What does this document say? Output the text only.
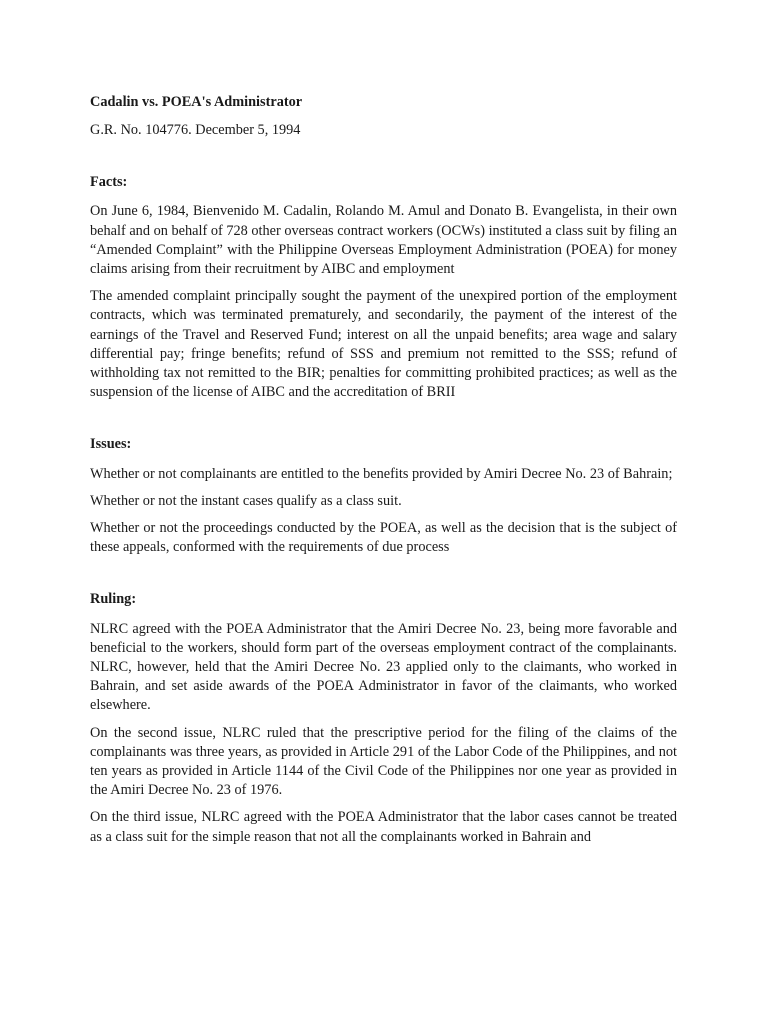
Cadalin vs. POEA's Administrator

G.R. No. 104776. December 5, 1994

Facts:

On June 6, 1984, Bienvenido M. Cadalin, Rolando M. Amul and Donato B. Evangelista, in their own behalf and on behalf of 728 other overseas contract workers (OCWs) instituted a class suit by filing an “Amended Complaint” with the Philippine Overseas Employment Administration (POEA) for money claims arising from their recruitment by AIBC and employment

The amended complaint principally sought the payment of the unexpired portion of the employment contracts, which was terminated prematurely, and secondarily, the payment of the interest of the earnings of the Travel and Reserved Fund; interest on all the unpaid benefits; area wage and salary differential pay; fringe benefits; refund of SSS and premium not remitted to the SSS; refund of withholding tax not remitted to the BIR; penalties for committing prohibited practices; as well as the suspension of the license of AIBC and the accreditation of BRII

Issues:

Whether or not complainants are entitled to the benefits provided by Amiri Decree No. 23 of Bahrain;

Whether or not the instant cases qualify as a class suit.

Whether or not the proceedings conducted by the POEA, as well as the decision that is the subject of these appeals, conformed with the requirements of due process

Ruling:

NLRC agreed with the POEA Administrator that the Amiri Decree No. 23, being more favorable and beneficial to the workers, should form part of the overseas employment contract of the complainants. NLRC, however, held that the Amiri Decree No. 23 applied only to the claimants, who worked in Bahrain, and set aside awards of the POEA Administrator in favor of the claimants, who worked elsewhere.

On the second issue, NLRC ruled that the prescriptive period for the filing of the claims of the complainants was three years, as provided in Article 291 of the Labor Code of the Philippines, and not ten years as provided in Article 1144 of the Civil Code of the Philippines nor one year as provided in the Amiri Decree No. 23 of 1976.

On the third issue, NLRC agreed with the POEA Administrator that the labor cases cannot be treated as a class suit for the simple reason that not all the complainants worked in Bahrain and
